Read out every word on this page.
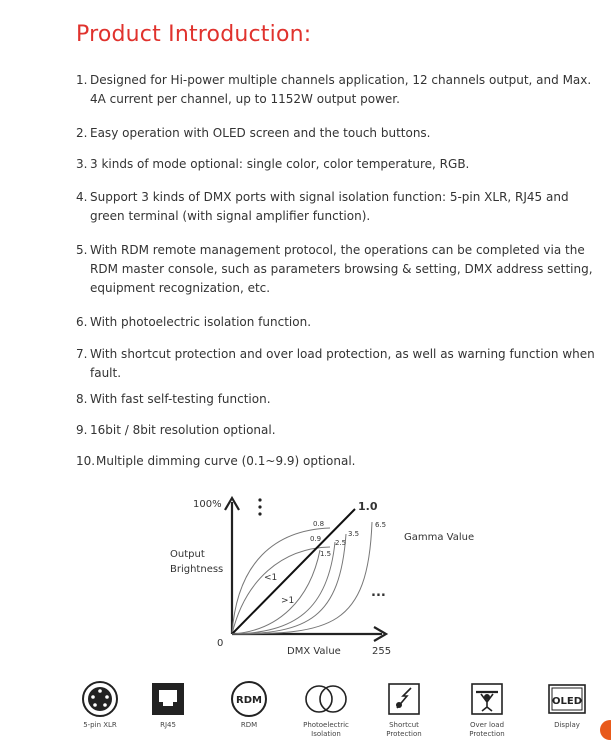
Product Introduction:
1. Designed for Hi-power multiple channels application, 12 channels output, and Max. 4A current per channel, up to 1152W output power.
2. Easy operation with OLED screen and the touch buttons.
3. 3 kinds of mode optional: single color, color temperature, RGB.
4. Support 3 kinds of DMX ports with signal isolation function: 5-pin XLR, RJ45 and green terminal (with signal amplifier function).
5. With RDM remote management protocol, the operations can be completed via the RDM master console, such as parameters browsing & setting, DMX address setting, equipment recognization, etc.
6. With photoelectric isolation function.
7. With shortcut protection and over load protection, as well as warning function when fault.
8. With fast self-testing function.
9. 16bit / 8bit resolution optional.
10. Multiple dimming curve (0.1~9.9) optional.
100%
Output
Brightness
0
DMX Value	255
1.0
Gamma Value
<1
>1
...
0.8
0.9
1.5
2.5
3.5
6.5
5-pin XLR	RJ45
RDM
RDM	Photoelectric Isolation
Shortcut Protection
Over load Protection
OLED
Display
